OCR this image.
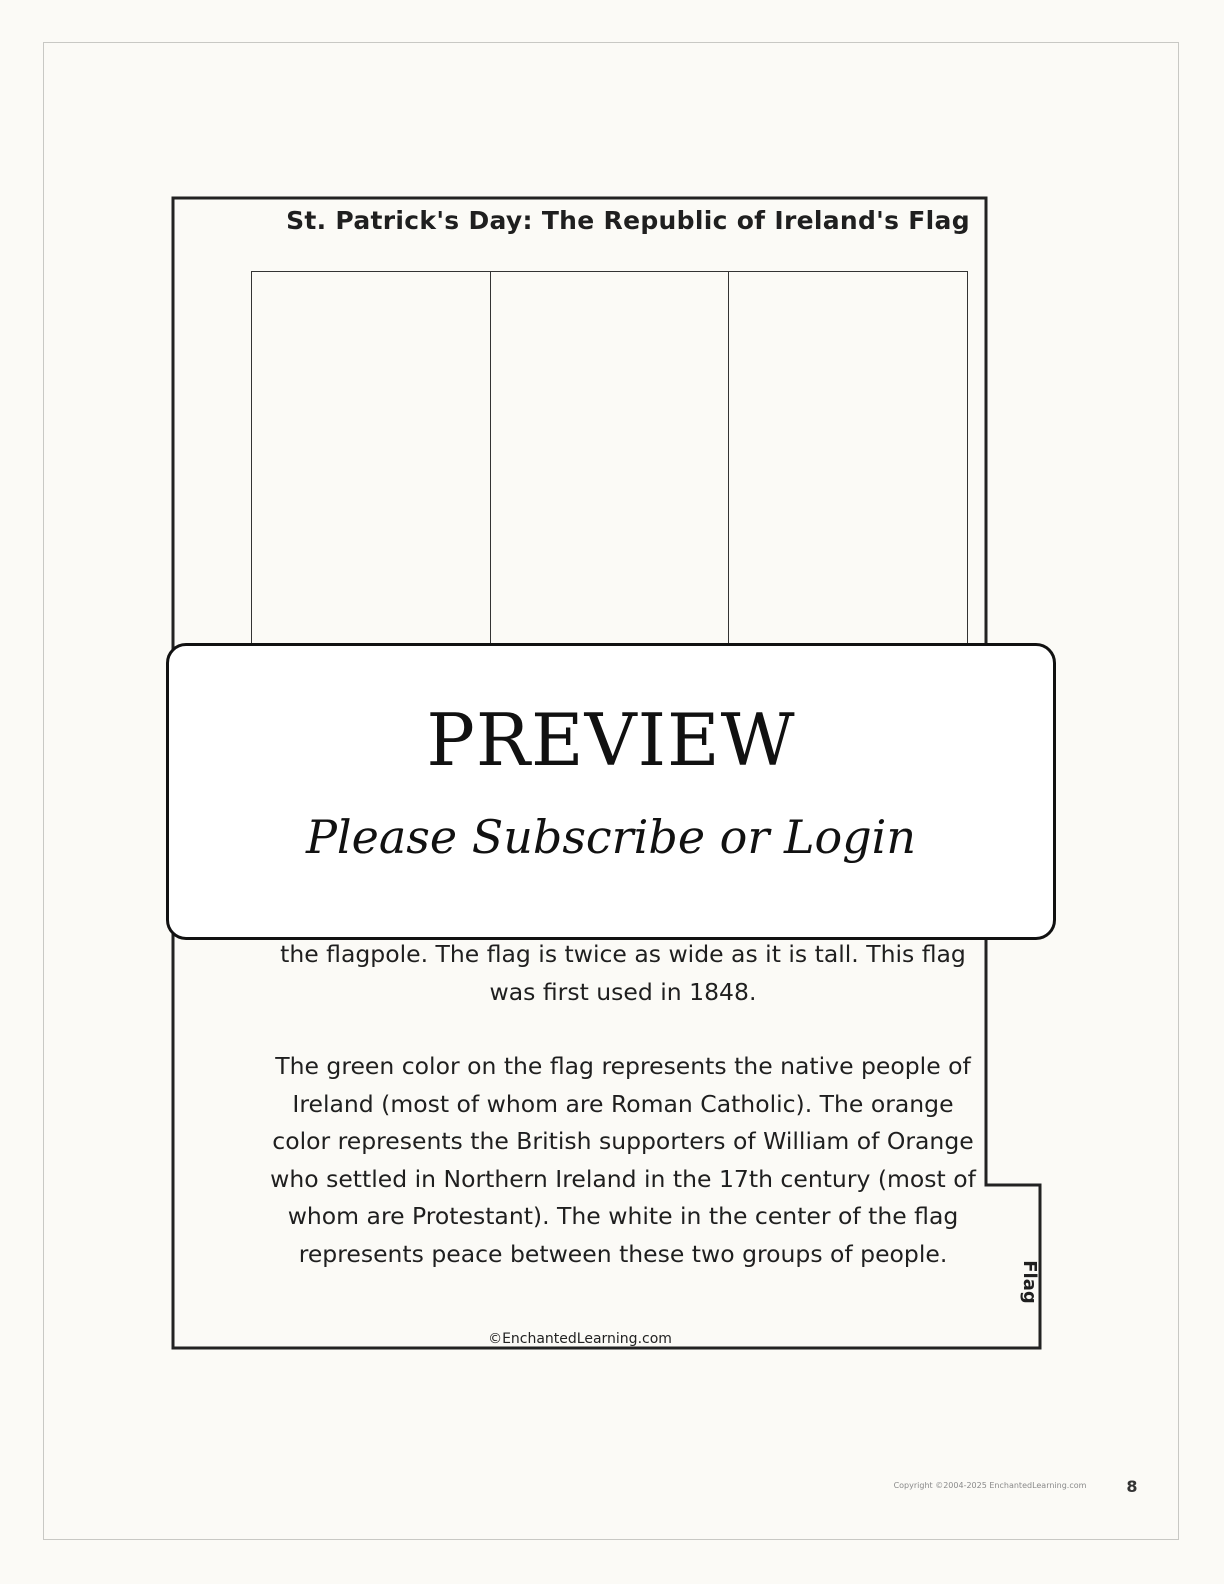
St. Patrick's Day: The Republic of Ireland's Flag

the flagpole. The flag is twice as wide as it is tall. This flag was first used in 1848.

The green color on the flag represents the native people of Ireland (most of whom are Roman Catholic). The orange color represents the British supporters of William of Orange who settled in Northern Ireland in the 17th century (most of whom are Protestant). The white in the center of the flag represents peace between these two groups of people.

©EnchantedLearning.com
Flag
PREVIEW
Please Subscribe or Login
Copyright ©2004-2025 EnchantedLearning.com	8
